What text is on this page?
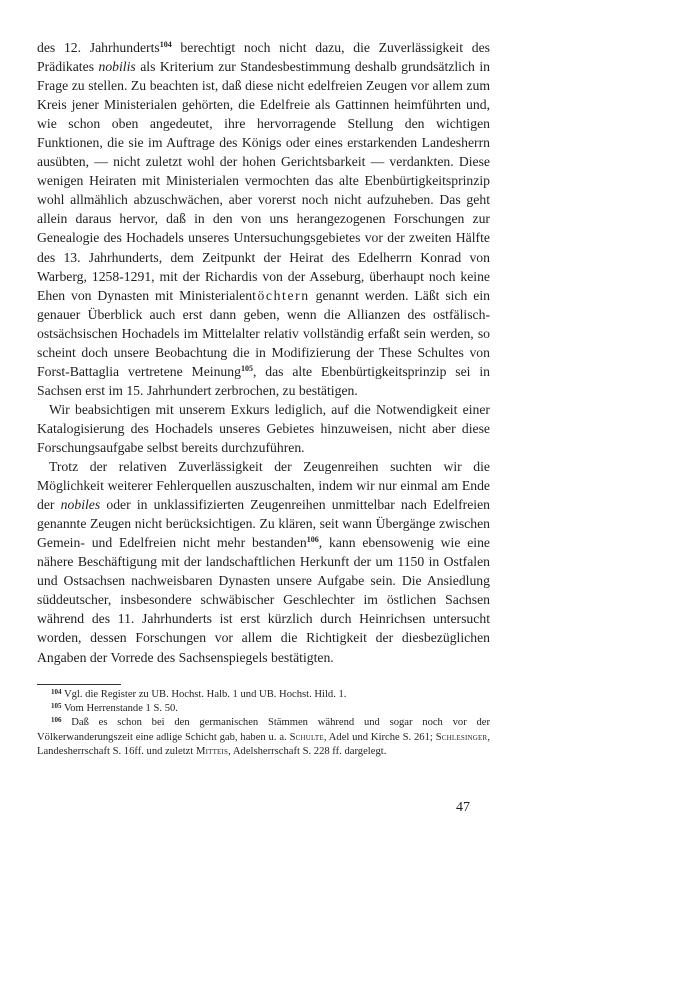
des 12. Jahrhunderts$^{104}$ berechtigt noch nicht dazu, die Zuverlässigkeit des Prädikates nobilis als Kriterium zur Standesbestimmung deshalb grundsätzlich in Frage zu stellen. Zu beachten ist, daß diese nicht edelfreien Zeugen vor allem zum Kreis jener Ministerialen gehörten, die Edelfreie als Gattinnen heimführten und, wie schon oben angedeutet, ihre hervorragende Stellung den wichtigen Funktionen, die sie im Auftrage des Königs oder eines erstarkenden Landesherrn ausübten, — nicht zuletzt wohl der hohen Gerichtsbarkeit — verdankten. Diese wenigen Heiraten mit Ministerialen vermochten das alte Ebenbürtigkeitsprinzip wohl allmählich abzuschwächen, aber vorerst noch nicht aufzuheben. Das geht allein daraus hervor, daß in den von uns herangezogenen Forschungen zur Genealogie des Hochadels unseres Untersuchungsgebietes vor der zweiten Hälfte des 13. Jahrhunderts, dem Zeitpunkt der Heirat des Edelherrn Konrad von Warberg, 1258-1291, mit der Richardis von der Asseburg, überhaupt noch keine Ehen von Dynasten mit Ministerialentöchtern genannt werden. Läßt sich ein genauer Überblick auch erst dann geben, wenn die Allianzen des ostfälisch-ostsächsischen Hochadels im Mittelalter relativ vollständig erfaßt sein werden, so scheint doch unsere Beobachtung die in Modifizierung der These Schultes von Forst-Battaglia vertretene Meinung$^{105}$, das alte Ebenbürtigkeitsprinzip sei in Sachsen erst im 15. Jahrhundert zerbrochen, zu bestätigen.

Wir beabsichtigen mit unserem Exkurs lediglich, auf die Notwendigkeit einer Katalogisierung des Hochadels unseres Gebietes hinzuweisen, nicht aber diese Forschungsaufgabe selbst bereits durchzuführen.

Trotz der relativen Zuverlässigkeit der Zeugenreihen suchten wir die Möglichkeit weiterer Fehlerquellen auszuschalten, indem wir nur einmal am Ende der nobiles oder in unklassifizierten Zeugenreihen unmittelbar nach Edelfreien genannte Zeugen nicht berücksichtigen. Zu klären, seit wann Übergänge zwischen Gemein- und Edelfreien nicht mehr bestanden$^{106}$, kann ebensowenig wie eine nähere Beschäftigung mit der landschaftlichen Herkunft der um 1150 in Ostfalen und Ostsachsen nachweisbaren Dynasten unsere Aufgabe sein. Die Ansiedlung süddeutscher, insbesondere schwäbischer Geschlechter im östlichen Sachsen während des 11. Jahrhunderts ist erst kürzlich durch Heinrichsen untersucht worden, dessen Forschungen vor allem die Richtigkeit der diesbezüglichen Angaben der Vorrede des Sachsenspiegels bestätigten.

$^{104}$ Vgl. die Register zu UB. Hochst. Halb. 1 und UB. Hochst. Hild. 1.

$^{105}$ Vom Herrenstande 1 S. 50.

$^{106}$ Daß es schon bei den germanischen Stämmen während und sogar noch vor der Völkerwanderungszeit eine adlige Schicht gab, haben u. a. Schulte, Adel und Kirche S. 261; Schlesinger, Landesherrschaft S. 16ff. und zuletzt Mitteis, Adelsherrschaft S. 228 ff. dargelegt.

47
